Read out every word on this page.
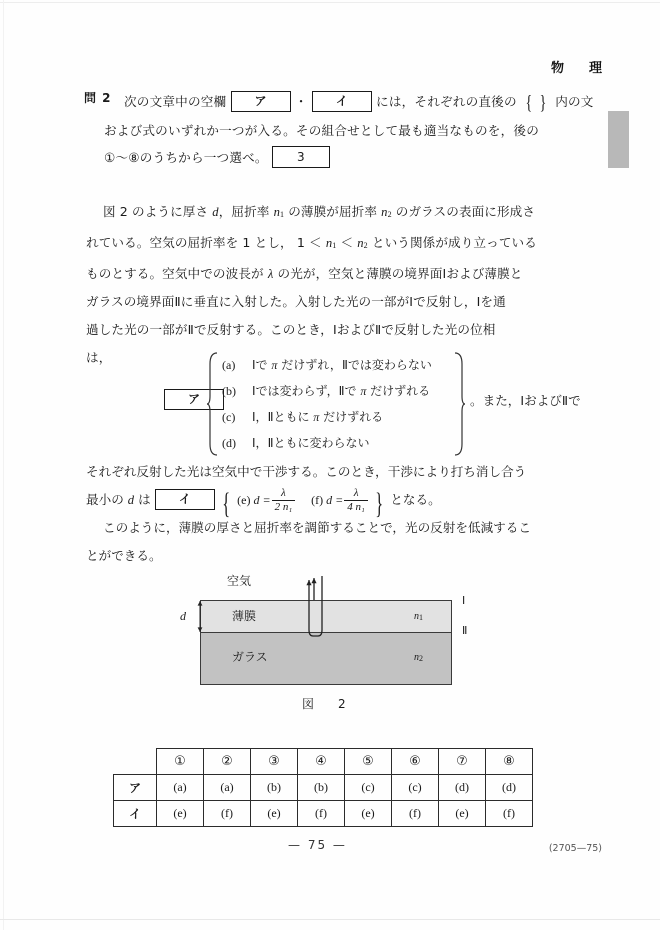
物　理
問 2 次の文章中の空欄 ア ・ イ には，それぞれの直後の {  } 内の文
および式のいずれか一つが入る。その組合せとして最も適当なものを，後の
①～⑧のうちから一つ選べ。 3
図 2 のように厚さ d，屈折率 $n_1$ の薄膜が屈折率 $n_2$ のガラスの表面に形成さ
れている。空気の屈折率を 1 とし， $1 < n_1 < n_2$ という関係が成り立っている
ものとする。空気中での波長が λ の光が，空気と薄膜の境界面Ⅰおよび薄膜と
ガラスの境界面Ⅱに垂直に入射した。入射した光の一部がⅠで反射し，Ⅰを通
過した光の一部がⅡで反射する。このとき，ⅠおよびⅡで反射した光の位相
は，
ア
(a) Ⅰで π だけずれ，Ⅱでは変わらない
(b) Ⅰでは変わらず，Ⅱで π だけずれる
(c) Ⅰ，Ⅱともに π だけずれる
(d) Ⅰ，Ⅱともに変わらない
。また，ⅠおよびⅡで
それぞれ反射した光は空気中で干渉する。このとき，干渉により打ち消し合う
最小の d は イ { (e) $d = \frac{\lambda}{\text{2 n₁}} (f) d = \frac{\lambda}{\text{4 n₁}}$ } となる。
このように，薄膜の厚さと屈折率を調節することで，光の反射を低減するこ
とができる。
空気
薄膜
ガラス
$n_1$
$n_2$
Ⅰ
Ⅱ
d
図　2
	①	②	③	④	⑤	⑥	⑦	⑧
ア	(a)	(a)	(b)	(b)	(c)	(c)	(d)	(d)
イ	(e)	(f)	(e)	(f)	(e)	(f)	(e)	(f)
— 75 —	(2705—75)
